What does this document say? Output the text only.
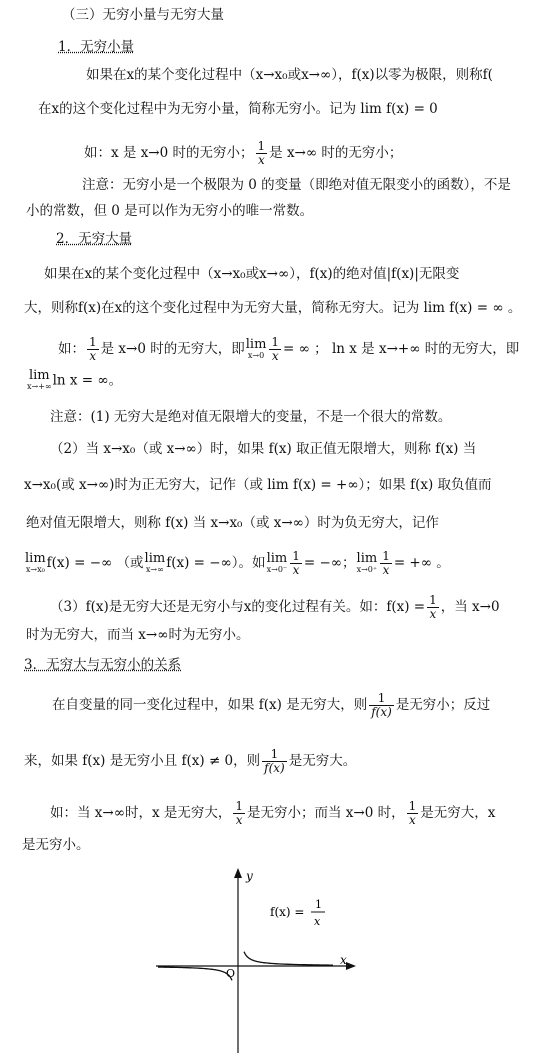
（三）无穷小量与无穷大量
1．无穷小量
如果在x的某个变化过程中（x→x₀或x→∞），f(x)以零为极限，则称f(
在x的这个变化过程中为无穷小量，简称无穷小。记为 lim f(x) = 0
如：x 是 x→0 时的无穷小； $\frac{1}{x}$ 是 x→∞ 时的无穷小；
注意：无穷小是一个极限为 0 的变量（即绝对值无限变小的函数），不是
小的常数，但 0 是可以作为无穷小的唯一常数。
2．无穷大量
如果在x的某个变化过程中（x→x₀或x→∞），f(x)的绝对值|f(x)|无限变
大，则称f(x)在x的这个变化过程中为无穷大量，简称无穷大。记为 lim f(x) = ∞ 。
如： $\frac{1}{x}$ 是 x→0 时的无穷大，即 lim
$x\to 0 \frac{1}{x}$ = ∞ ； ln x 是 x→+∞ 时的无穷大，即
lim
x→+∞ ln x = ∞。
注意：(1) 无穷大是绝对值无限增大的变量，不是一个很大的常数。
（2）当 x→x₀（或 x→∞）时，如果 f(x) 取正值无限增大，则称 f(x) 当
x→x₀(或 x→∞)时为正无穷大，记作（或 lim f(x) = +∞）；如果 f(x) 取负值而
绝对值无限增大，则称 f(x) 当 x→x₀（或 x→∞）时为负无穷大，记作
lim
x→x₀ f(x) = −∞ （或 lim
x→∞ f(x) = −∞）。如 lim
$x\to 0^- \frac{1}{x}$ = −∞； lim
$x\to 0^+ \frac{1}{x}$ = +∞ 。
（3）f(x)是无穷大还是无穷小与x的变化过程有关。如：$f(x) = \frac{1}{x}$ ，当 x→0
时为无穷大，而当 x→∞时为无穷小。
3．无穷大与无穷小的关系
在自变量的同一变化过程中，如果 f(x) 是无穷大，则 $\frac{1}{f(x)}$ 是无穷小；反过
来，如果 f(x) 是无穷小且 f(x) ≠ 0，则 $\frac{1}{f(x)}$ 是无穷大。
如：当 x→∞时，x 是无穷大， $\frac{1}{x}$ 是无穷小；而当 x→0 时， $\frac{1}{x}$ 是无穷大，x
是无穷小。
y
x
O
f(x) =
1
x
